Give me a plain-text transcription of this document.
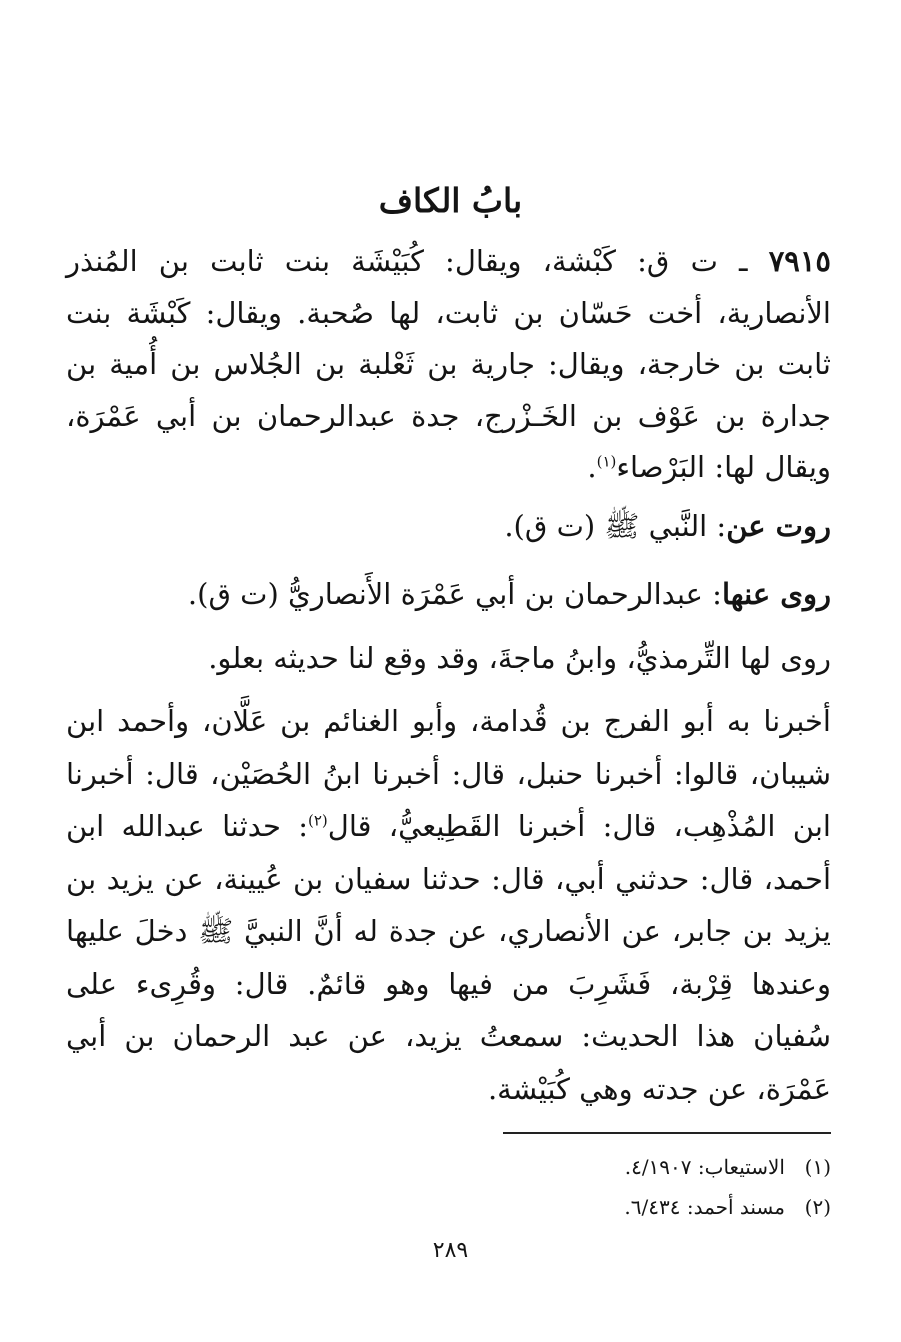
بابُ الكاف
٧٩١٥ ـ ت ق: كَبْشة، ويقال: كُبَيْشَة بنت ثابت بن المُنذر الأنصارية، أخت حَسّان بن ثابت، لها صُحبة. ويقال: كَبْشَة بنت ثابت بن خارجة، ويقال: جارية بن ثَعْلبة بن الجُلاس بن أُمية بن جدارة بن عَوْف بن الخَـزْرج، جدة عبدالرحمان بن أبي عَمْرَة، ويقال لها: البَرْصاء$^{(١)}$.
روت عن: النَّبي ﷺ (ت ق).
روى عنها: عبدالرحمان بن أبي عَمْرَة الأَنصاريُّ (ت ق).
روى لها التِّرمذيُّ، وابنُ ماجةَ، وقد وقع لنا حديثه بعلو.
أخبرنا به أبو الفرج بن قُدامة، وأبو الغنائم بن عَلَّان، وأحمد ابن شيبان، قالوا: أخبرنا حنبل، قال: أخبرنا ابنُ الحُصَيْن، قال: أخبرنا ابن المُذْهِب، قال: أخبرنا القَطِيعيُّ، قال$^{(٢)}$: حدثنا عبدالله ابن أحمد، قال: حدثني أبي، قال: حدثنا سفيان بن عُيينة، عن يزيد بن يزيد بن جابر، عن الأنصاري، عن جدة له أنَّ النبيَّ ﷺ دخلَ عليها وعندها قِرْبة، فَشَرِبَ من فيها وهو قائمٌ. قال: وقُرِىء على سُفيان هذا الحديث: سمعتُ يزيد، عن عبد الرحمان بن أبي عَمْرَة، عن جدته وهي كُبَيْشة.
(١)الاستيعاب: ٤/١٩٠٧.
(٢)مسند أحمد: ٦/٤٣٤.
٢٨٩
